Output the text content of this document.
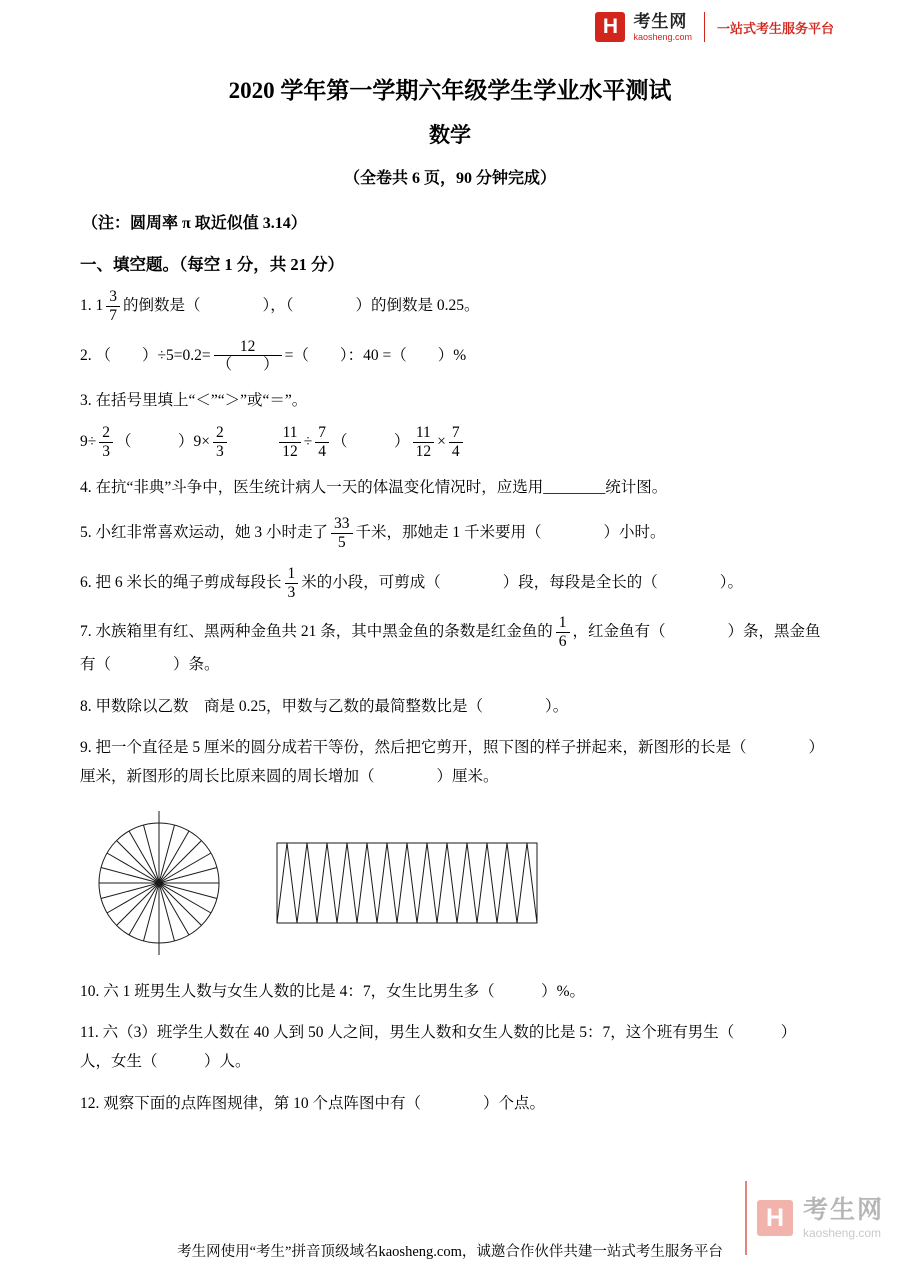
H 考生网
kaosheng.com
一站式考生服务平台
2020 学年第一学期六年级学生学业水平测试
数学
（全卷共 6 页，90 分钟完成）
（注：圆周率 π 取近似值 3.14）
一、填空题。（每空 1 分，共 21 分）
1. $1 \frac{3}{7}$ 的倒数是（　　　　），（　　　　）的倒数是 0.25。
2. （　　）$\div 5=0.2= \frac{12}{( )}$ =（　　）：40 =（　　）%
3. 在括号里填上“＜”“＞”或“＝”。
$9\div \frac{2}{3}$ （　　　）$9\times \frac{2}{3}$
　　　	$\frac{11}{12} \div \frac{7}{4}$ （　　　） $\frac{11}{12} \times \frac{7}{4}$
4. 在抗“非典”斗争中，医生统计病人一天的体温变化情况时，应选用________统计图。
5. 小红非常喜欢运动，她 3 小时走了 $\frac{33}{5}$ 千米，那她走 1 千米要用（　　　　）小时。
6. 把 6 米长的绳子剪成每段长 $\frac{1}{3}$ 米的小段，可剪成（　　　　）段，每段是全长的（　　　　）。
7. 水族箱里有红、黑两种金鱼共 21 条，其中黑金鱼的条数是红金鱼的 $\frac{1}{6}$ ，红金鱼有（　　　　）条，黑金鱼有（　　　　）条。
8. 甲数除以乙数　商是 0.25，甲数与乙数的最简整数比是（　　　　）。
9. 把一个直径是 5 厘米的圆分成若干等份，然后把它剪开，照下图的样子拼起来，新图形的长是（　　　　）厘米，新图形的周长比原来圆的周长增加（　　　　）厘米。
10. 六 1 班男生人数与女生人数的比是 4：7，女生比男生多（　　　）%。
11. 六（3）班学生人数在 40 人到 50 人之间，男生人数和女生人数的比是 5：7，这个班有男生（　　　）人，女生（　　　）人。
12. 观察下面的点阵图规律，第 10 个点阵图中有（　　　　）个点。
考生网使用“考生”拼音顶级域名kaosheng.com，诚邀合作伙伴共建一站式考生服务平台
H 考生网
kaosheng.com
